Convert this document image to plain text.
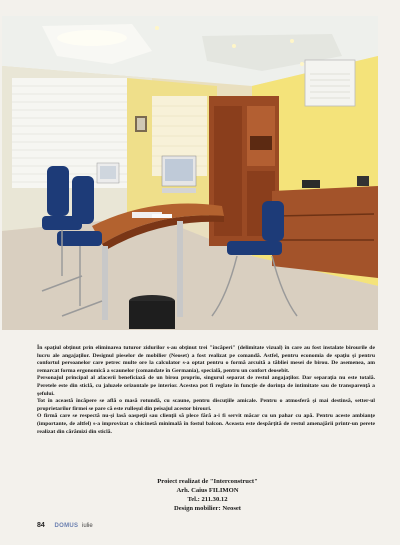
În spaţiul obţinut prin eliminarea tuturor zidurilor s-au obţinut trei "încăperi" (delimitate vizual) în care au fost instalate birourile de lucru ale angajaţilor. Designul pieselor de mobilier (Neoset) a fost realizat pe comandă. Astfel, pentru economia de spaţiu şi pentru confortul persoanelor care petrec multe ore la calculator s-a optat pentru o formă arcuită a tăbliei mesei de birou. De asemenea, am remarcat forma ergonomică a scaunelor (comandate în Germania), specială, pentru un confort deosebit.

Personajul principal al afacerii beneficiază de un birou propriu, singurul separat de restul angajaţilor. Dar separaţia nu este totală. Peretele este din sticlă, cu jaluzele orizontale pe interior. Acestea pot fi reglate în funcţie de dorinţa de intimitate sau de transparenţă a şefului.

Tot în această încăpere se află o masă rotundă, cu scaune, pentru discuţiile amicale. Pentru o atmosferă şi mai destinsă, setter-ul proprietarilor firmei se pare că este rulleşul din peisajul acestor birouri.

O firmă care se respectă nu-şi lasă oaspeţii sau clienţii să plece fără a-i fi servit măcar cu un pahar cu apă. Pentru aceste ambianţe (importante, de altfel) s-a improvizat o chicinetă minimală în fostul balcon. Aceasta este despărţită de restul amenajării printr-un perete realizat din cărămizi din sticlă.

Proiect realizat de "Interconstruct"
Arh. Caius FILIMON
Tel.: 211.30.12
Design mobilier: Neoset
84 DOMUS iulie
